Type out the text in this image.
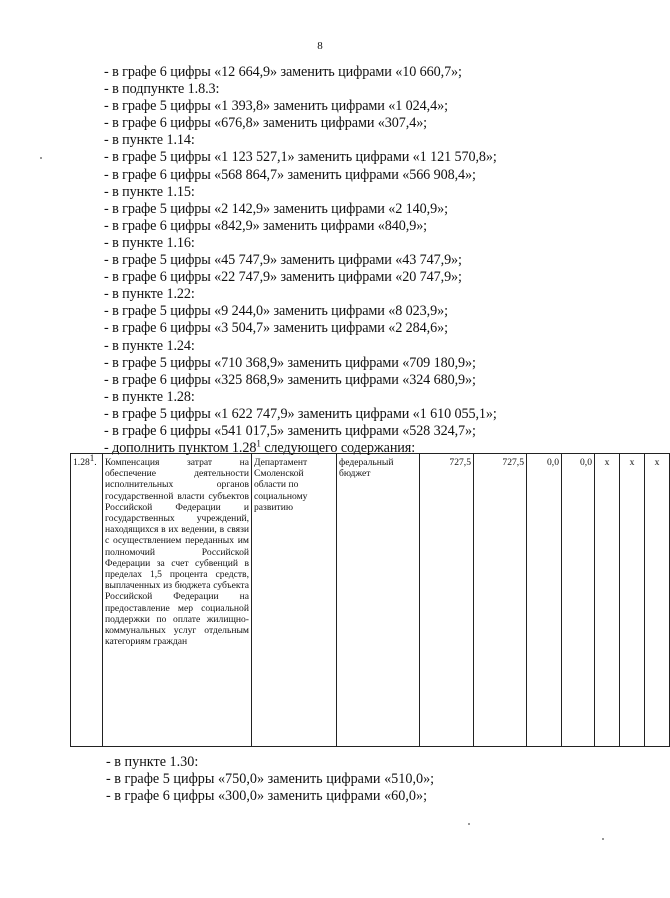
8
- в графе 6 цифры «12 664,9» заменить цифрами «10 660,7»;
- в подпункте 1.8.3:
- в графе 5 цифры «1 393,8» заменить цифрами «1 024,4»;
- в графе 6 цифры «676,8» заменить цифрами «307,4»;
- в пункте 1.14:
- в графе 5 цифры «1 123 527,1» заменить цифрами «1 121 570,8»;
- в графе 6 цифры «568 864,7» заменить цифрами «566 908,4»;
- в пункте 1.15:
- в графе 5 цифры «2 142,9» заменить цифрами «2 140,9»;
- в графе 6 цифры «842,9» заменить цифрами «840,9»;
- в пункте 1.16:
- в графе 5 цифры «45 747,9» заменить цифрами «43 747,9»;
- в графе 6 цифры «22 747,9» заменить цифрами «20 747,9»;
- в пункте 1.22:
- в графе 5 цифры «9 244,0» заменить цифрами «8 023,9»;
- в графе 6 цифры «3 504,7» заменить цифрами «2 284,6»;
- в пункте 1.24:
- в графе 5 цифры «710 368,9» заменить цифрами «709 180,9»;
- в графе 6 цифры «325 868,9» заменить цифрами «324 680,9»;
- в пункте 1.28:
- в графе 5 цифры «1 622 747,9» заменить цифрами «1 610 055,1»;
- в графе 6 цифры «541 017,5» заменить цифрами «528 324,7»;
- дополнить пунктом 1.28$^1$ следующего содержания:
1.28$^1$.	Компенсация затрат на обеспечение деятельности исполнительных органов государственной власти субъектов Российской Федерации и государственных учреждений, находящихся в их ведении, в связи с осуществлением переданных им полномочий Российской Федерации за счет субвенций в пределах 1,5 процента средств, выплаченных из бюджета субъекта Российской Федерации на предоставление мер социальной поддержки по оплате жилищно-коммунальных услуг отдельным категориям граждан	Департамент Смоленской области по социальному развитию	федеральный бюджет	727,5	727,5	0,0	0,0	х	х	х
- в пункте 1.30:
- в графе 5 цифры «750,0» заменить цифрами «510,0»;
- в графе 6 цифры «300,0» заменить цифрами «60,0»;
